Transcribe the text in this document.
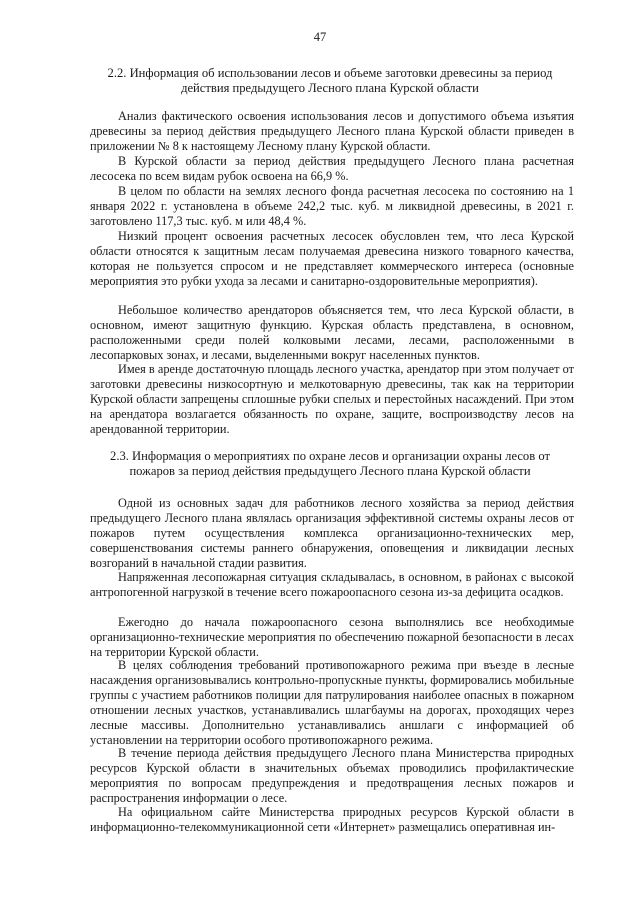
47
2.2. Информация об использовании лесов и объеме заготовки древесины за период действия предыдущего Лесного плана Курской области

Анализ фактического освоения использования лесов и допустимого объема изъятия древесины за период действия предыдущего Лесного плана Курской области приведен в приложении № 8 к настоящему Лесному плану Курской области.

В Курской области за период действия предыдущего Лесного плана расчетная лесосека по всем видам рубок освоена на 66,9 %.

В целом по области на землях лесного фонда расчетная лесосека по состоянию на 1 января 2022 г. установлена в объеме 242,2 тыс. куб. м ликвидной древесины, в 2021 г. заготовлено 117,3 тыс. куб. м или 48,4 %.

Низкий процент освоения расчетных лесосек обусловлен тем, что леса Курской области относятся к защитным лесам получаемая древесина низкого товарного качества, которая не пользуется спросом и не представляет коммерческого интереса (основные мероприятия это рубки ухода за лесами и санитарно-оздоровительные мероприятия).

Небольшое количество арендаторов объясняется тем, что леса Курской области, в основном, имеют защитную функцию. Курская область представлена, в основном, расположенными среди полей колковыми лесами, лесами, расположенными в лесопарковых зонах, и лесами, выделенными вокруг населенных пунктов.

Имея в аренде достаточную площадь лесного участка, арендатор при этом получает от заготовки древесины низкосортную и мелкотоварную древесины, так как на территории Курской области запрещены сплошные рубки спелых и перестойных насаждений. При этом на арендатора возлагается обязанность по охране, защите, воспроизводству лесов на арендованной территории.

2.3. Информация о мероприятиях по охране лесов и организации охраны лесов от пожаров за период действия предыдущего Лесного плана Курской области

Одной из основных задач для работников лесного хозяйства за период действия предыдущего Лесного плана являлась организация эффективной системы охраны лесов от пожаров путем осуществления комплекса организационно-технических мер, совершенствования системы раннего обнаружения, оповещения и ликвидации лесных возгораний в начальной стадии развития.

Напряженная лесопожарная ситуация складывалась, в основном, в районах с высокой антропогенной нагрузкой в течение всего пожароопасного сезона из-за дефицита осадков.

Ежегодно до начала пожароопасного сезона выполнялись все необходимые организационно-технические мероприятия по обеспечению пожарной безопасности в лесах на территории Курской области.

В целях соблюдения требований противопожарного режима при въезде в лесные насаждения организовывались контрольно-пропускные пункты, формировались мобильные группы с участием работников полиции для патрулирования наиболее опасных в пожарном отношении лесных участков, устанавливались шлагбаумы на дорогах, проходящих через лесные массивы. Дополнительно устанавливались аншлаги с информацией об установлении на территории особого противопожарного режима.

В течение периода действия предыдущего Лесного плана Министерства природных ресурсов Курской области в значительных объемах проводились профилактические мероприятия по вопросам предупреждения и предотвращения лесных пожаров и распространения информации о лесе.

На официальном сайте Министерства природных ресурсов Курской области в информационно-телекоммуникационной сети «Интернет» размещались оперативная ин-
